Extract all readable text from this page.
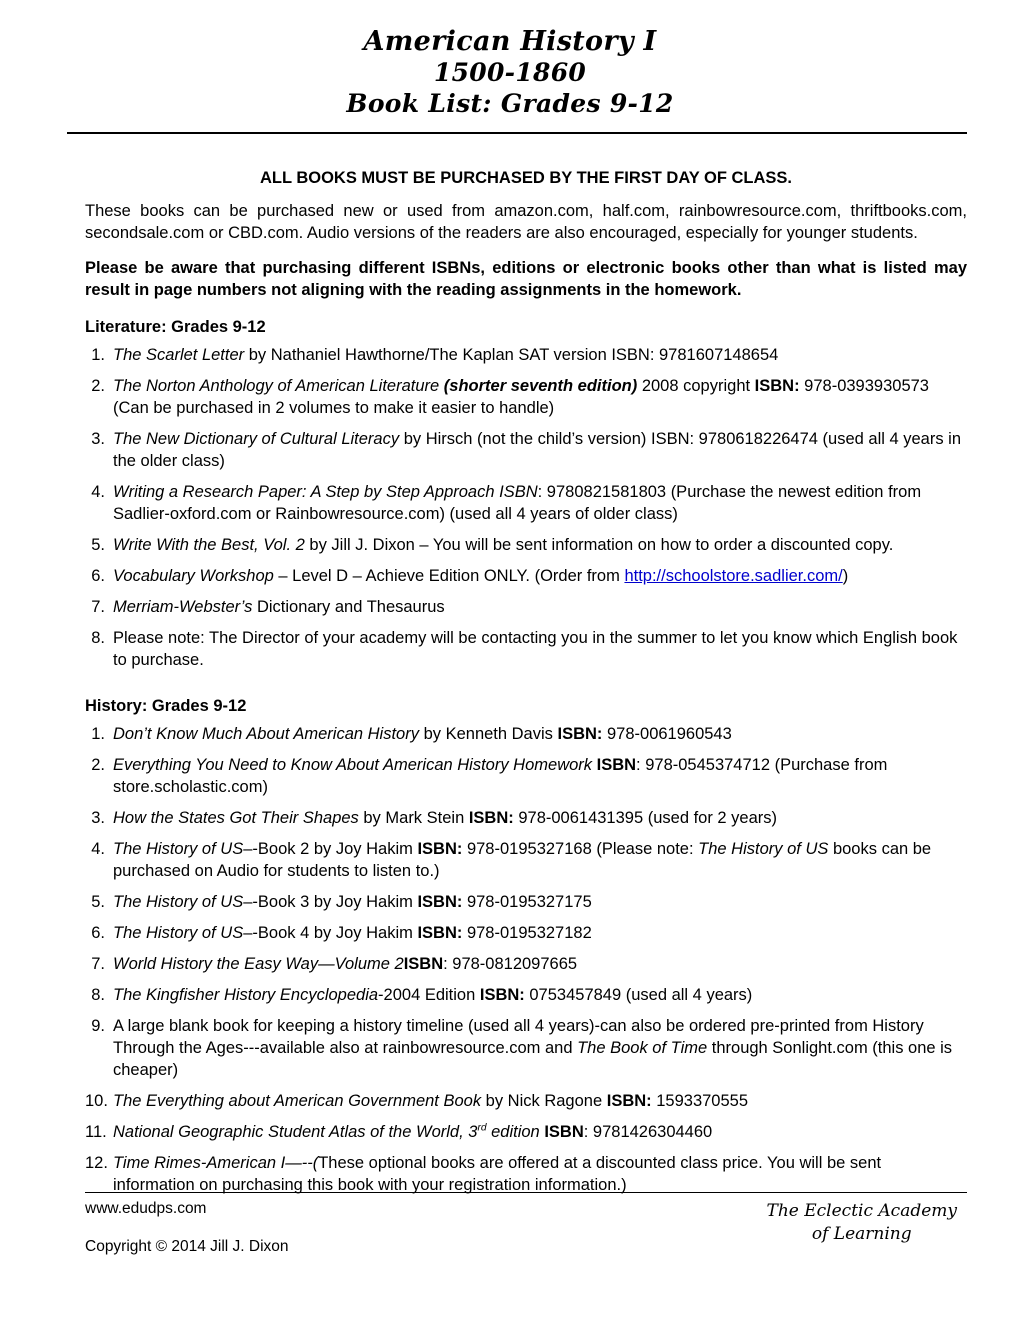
American History I
1500-1860
Book List: Grades 9-12
ALL BOOKS MUST BE PURCHASED BY THE FIRST DAY OF CLASS.

These books can be purchased new or used from amazon.com, half.com, rainbowresource.com, thriftbooks.com, secondsale.com or CBD.com. Audio versions of the readers are also encouraged, especially for younger students.

Please be aware that purchasing different ISBNs, editions or electronic books other than what is listed may result in page numbers not aligning with the reading assignments in the homework.

Literature: Grades 9-12
1. The Scarlet Letter by Nathaniel Hawthorne/The Kaplan SAT version ISBN: 9781607148654
2. The Norton Anthology of American Literature (shorter seventh edition) 2008 copyright ISBN: 978-0393930573 (Can be purchased in 2 volumes to make it easier to handle)
3. The New Dictionary of Cultural Literacy by Hirsch (not the child’s version) ISBN: 9780618226474 (used all 4 years in the older class)
4. Writing a Research Paper: A Step by Step Approach ISBN: 9780821581803 (Purchase the newest edition from Sadlier-oxford.com or Rainbowresource.com) (used all 4 years of older class)
5. Write With the Best, Vol. 2 by Jill J. Dixon – You will be sent information on how to order a discounted copy.
6. Vocabulary Workshop – Level D – Achieve Edition ONLY. (Order from http://schoolstore.sadlier.com/)
7. Merriam-Webster’s Dictionary and Thesaurus
8. Please note: The Director of your academy will be contacting you in the summer to let you know which English book to purchase.
History: Grades 9-12
1. Don’t Know Much About American History by Kenneth Davis ISBN: 978-0061960543
2. Everything You Need to Know About American History Homework ISBN: 978-0545374712 (Purchase from store.scholastic.com)
3. How the States Got Their Shapes by Mark Stein ISBN: 978-0061431395 (used for 2 years)
4. The History of US–-Book 2 by Joy Hakim ISBN: 978-0195327168 (Please note: The History of US books can be purchased on Audio for students to listen to.)
5. The History of US–-Book 3 by Joy Hakim ISBN: 978-0195327175
6. The History of US–-Book 4 by Joy Hakim ISBN: 978-0195327182
7. World History the Easy Way—Volume 2ISBN: 978-0812097665
8. The Kingfisher History Encyclopedia-2004 Edition ISBN: 0753457849 (used all 4 years)
9. A large blank book for keeping a history timeline (used all 4 years)-can also be ordered pre-printed from History Through the Ages---available also at rainbowresource.com and The Book of Time through Sonlight.com (this one is cheaper)
10. The Everything about American Government Book by Nick Ragone ISBN: 1593370555
11. National Geographic Student Atlas of the World, 3rd edition ISBN: 9781426304460
12. Time Rimes-American I—--(These optional books are offered at a discounted class price. You will be sent information on purchasing this book with your registration information.)
www.edudps.com
Copyright © 2014 Jill J. Dixon
The Eclectic Academy
of Learning
